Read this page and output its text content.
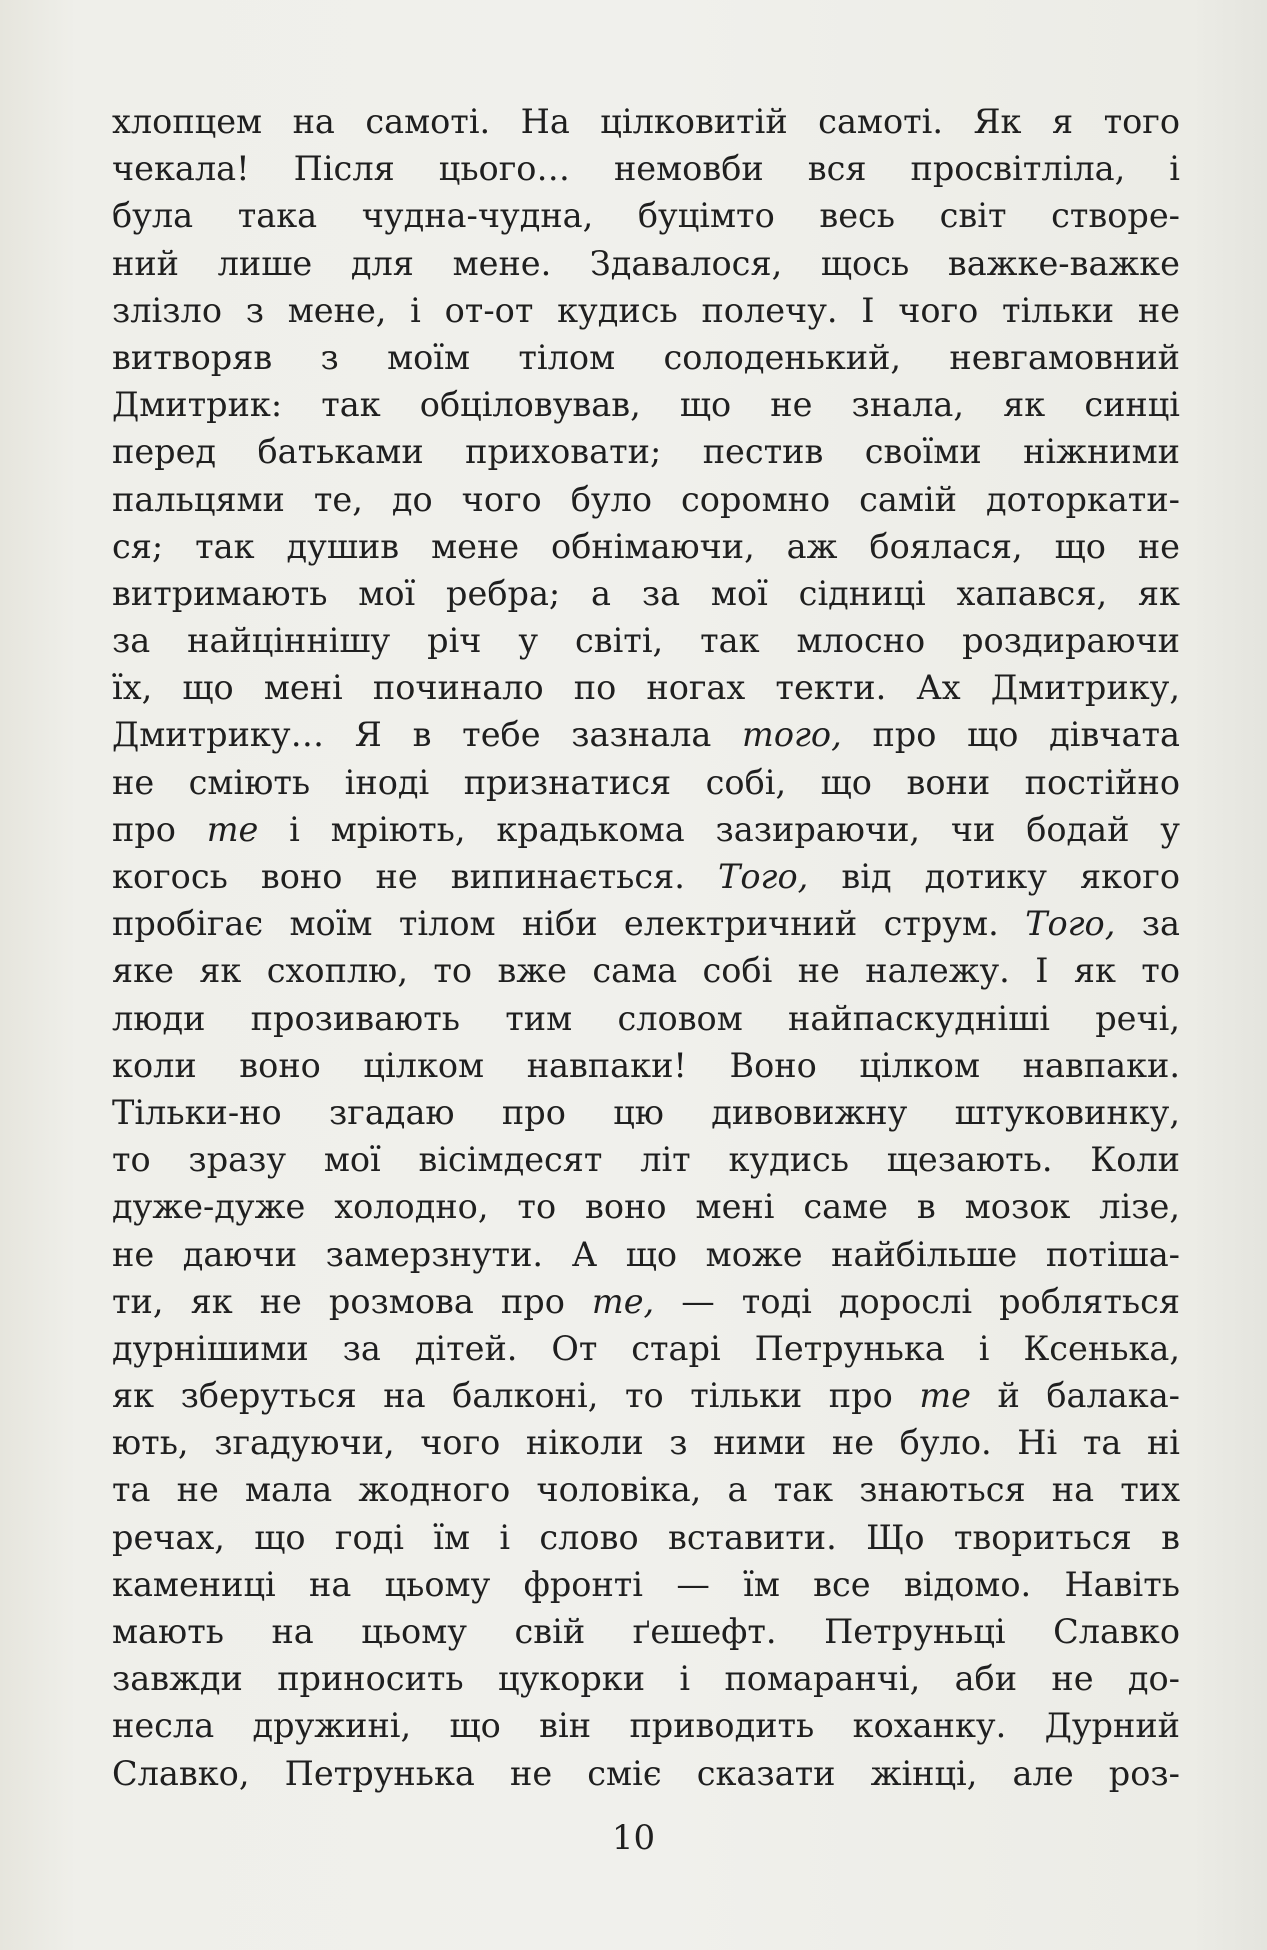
хлопцем на самоті. На цілковитій самоті. Як я того
чекала! Після цього… немовби вся просвітліла, і
була така чудна-чудна, буцімто весь світ створе-
ний лише для мене. Здавалося, щось важке-важке
злізло з мене, і от-от кудись полечу. І чого тільки не
витворяв з моїм тілом солоденький, невгамовний
Дмитрик: так обціловував, що не знала, як синці
перед батьками приховати; пестив своїми ніжними
пальцями те, до чого було соромно самій доторкати-
ся; так душив мене обнімаючи, аж боялася, що не
витримають мої ребра; а за мої сідниці хапався, як
за найціннішу річ у світі, так млосно роздираючи
їх, що мені починало по ногах текти. Ах Дмитрику,
Дмитрику… Я в тебе зазнала того, про що дівчата
не сміють іноді признатися собі, що вони постійно
про те і мріють, крадькома зазираючи, чи бодай у
когось воно не випинається. Того, від дотику якого
пробігає моїм тілом ніби електричний струм. Того, за
яке як схоплю, то вже сама собі не належу. І як то
люди прозивають тим словом найпаскудніші речі,
коли воно цілком навпаки! Воно цілком навпаки.
Тільки-но згадаю про цю дивовижну штуковинку,
то зразу мої вісімдесят літ кудись щезають. Коли
дуже-дуже холодно, то воно мені саме в мозок лізе,
не даючи замерзнути. А що може найбільше потіша-
ти, як не розмова про те, — тоді дорослі робляться
дурнішими за дітей. От старі Петрунька і Ксенька,
як зберуться на балконі, то тільки про те й балака-
ють, згадуючи, чого ніколи з ними не було. Ні та ні
та не мала жодного чоловіка, а так знаються на тих
речах, що годі їм і слово вставити. Що твориться в
камениці на цьому фронті — їм все відомо. Навіть
мають на цьому свій ґешефт. Петруньці Славко
завжди приносить цукорки і помаранчі, аби не до-
несла дружині, що він приводить коханку. Дурний
Славко, Петрунька не сміє сказати жінці, але роз-
10
